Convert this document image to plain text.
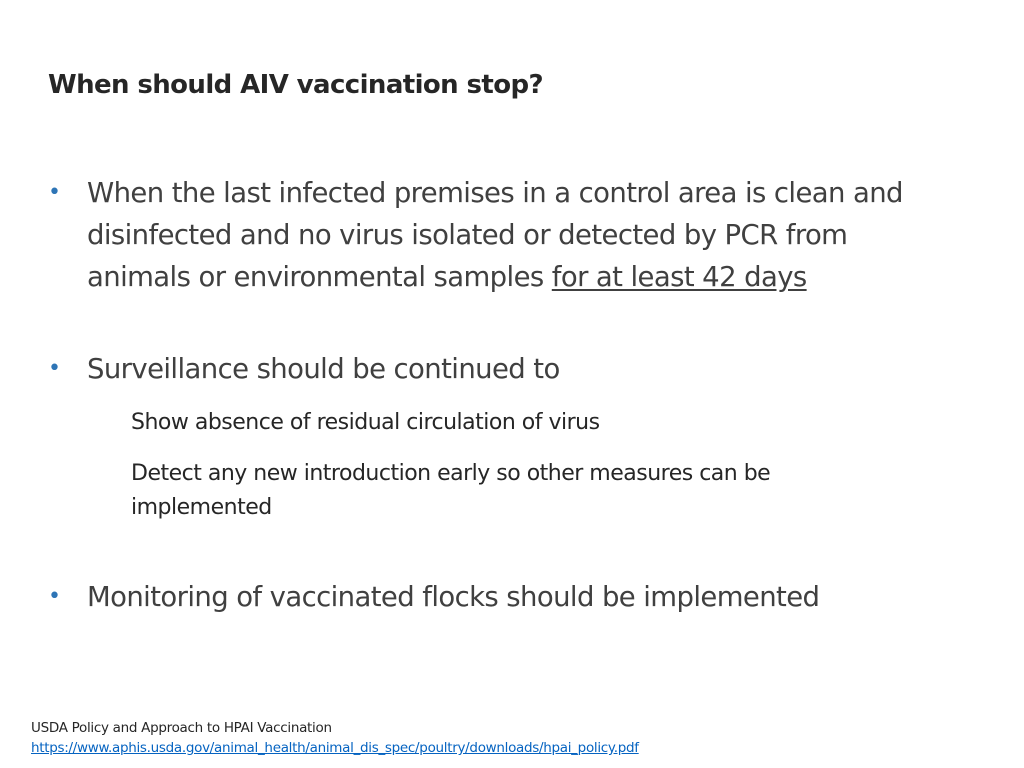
When should AIV vaccination stop?
• When the last infected premises in a control area is clean and disinfected and no virus isolated or detected by PCR from animals or environmental samples for at least 42 days
• Surveillance should be continued to
Show absence of residual circulation of virus
Detect any new introduction early so other measures can be implemented
• Monitoring of vaccinated flocks should be implemented
USDA Policy and Approach to HPAI Vaccination
https://www.aphis.usda.gov/animal_health/animal_dis_spec/poultry/downloads/hpai_policy.pdf
